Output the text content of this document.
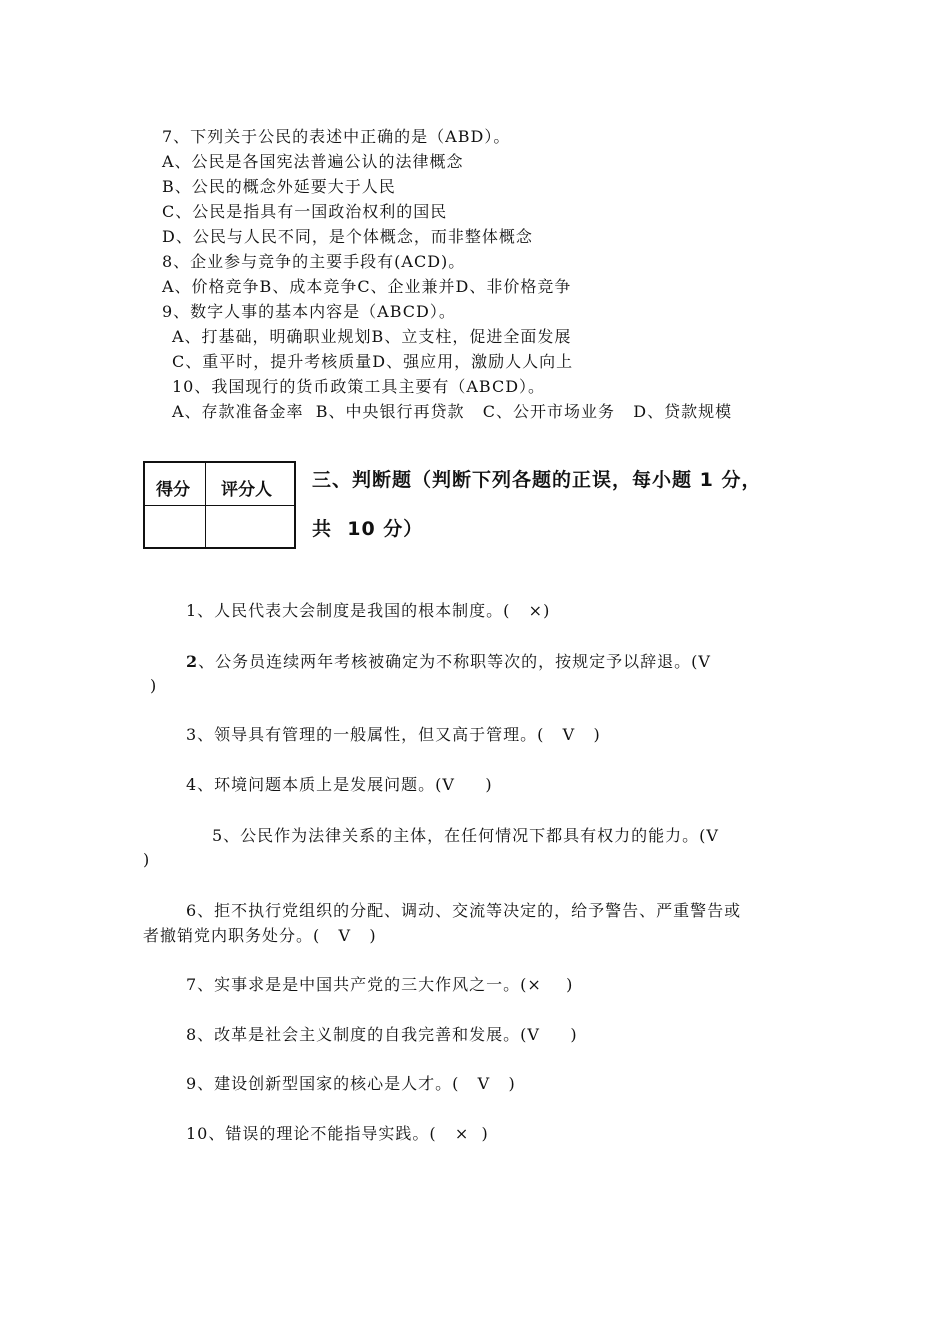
7、下列关于公民的表述中正确的是（ABD）。
A、公民是各国宪法普遍公认的法律概念
B、公民的概念外延要大于人民
C、公民是指具有一国政治权利的国民
D、公民与人民不同，是个体概念，而非整体概念
8、企业参与竞争的主要手段有(ACD)。
A、价格竞争B、成本竞争C、企业兼并D、非价格竞争
9、数字人事的基本内容是（ABCD）。
A、打基础，明确职业规划B、立支柱，促进全面发展
C、重平时，提升考核质量D、强应用，激励人人向上
10、我国现行的货币政策工具主要有（ABCD）。
A、存款准备金率  B、中央银行再贷款   C、公开市场业务   D、贷款规模
得分 评分人 三、判断题（判断下列各题的正误，每小题 1 分，
共  10 分）
1、人民代表大会制度是我国的根本制度。(   ×)
2、公务员连续两年考核被确定为不称职等次的，按规定予以辞退。(V
)
3、领导具有管理的一般属性，但又高于管理。(   V   )
4、环境问题本质上是发展问题。(V     )
5、公民作为法律关系的主体，在任何情况下都具有权力的能力。(V
)
6、拒不执行党组织的分配、调动、交流等决定的，给予警告、严重警告或
者撤销党内职务处分。(   V   )
7、实事求是是中国共产党的三大作风之一。(×    )
8、改革是社会主义制度的自我完善和发展。(V     )
9、建设创新型国家的核心是人才。(   V   )
10、错误的理论不能指导实践。(   ×  )
